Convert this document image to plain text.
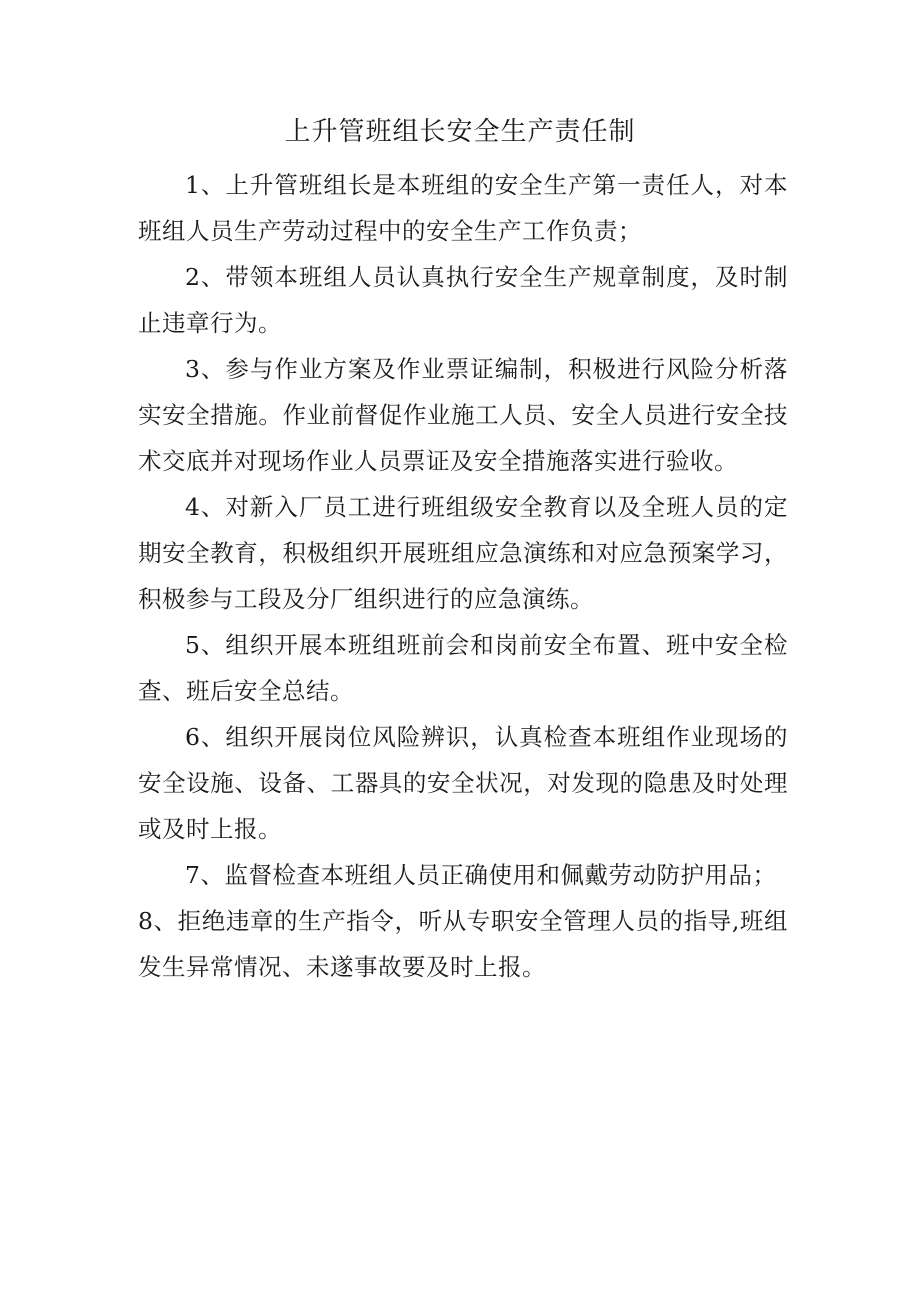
上升管班组长安全生产责任制

1、上升管班组长是本班组的安全生产第一责任人，对本班组人员生产劳动过程中的安全生产工作负责；

2、带领本班组人员认真执行安全生产规章制度，及时制止违章行为。

3、参与作业方案及作业票证编制，积极进行风险分析落实安全措施。作业前督促作业施工人员、安全人员进行安全技术交底并对现场作业人员票证及安全措施落实进行验收。

4、对新入厂员工进行班组级安全教育以及全班人员的定期安全教育，积极组织开展班组应急演练和对应急预案学习，积极参与工段及分厂组织进行的应急演练。

5、组织开展本班组班前会和岗前安全布置、班中安全检查、班后安全总结。

6、组织开展岗位风险辨识，认真检查本班组作业现场的安全设施、设备、工器具的安全状况，对发现的隐患及时处理或及时上报。

7、监督检查本班组人员正确使用和佩戴劳动防护用品；

8、拒绝违章的生产指令，听从专职安全管理人员的指导,班组发生异常情况、未遂事故要及时上报。
